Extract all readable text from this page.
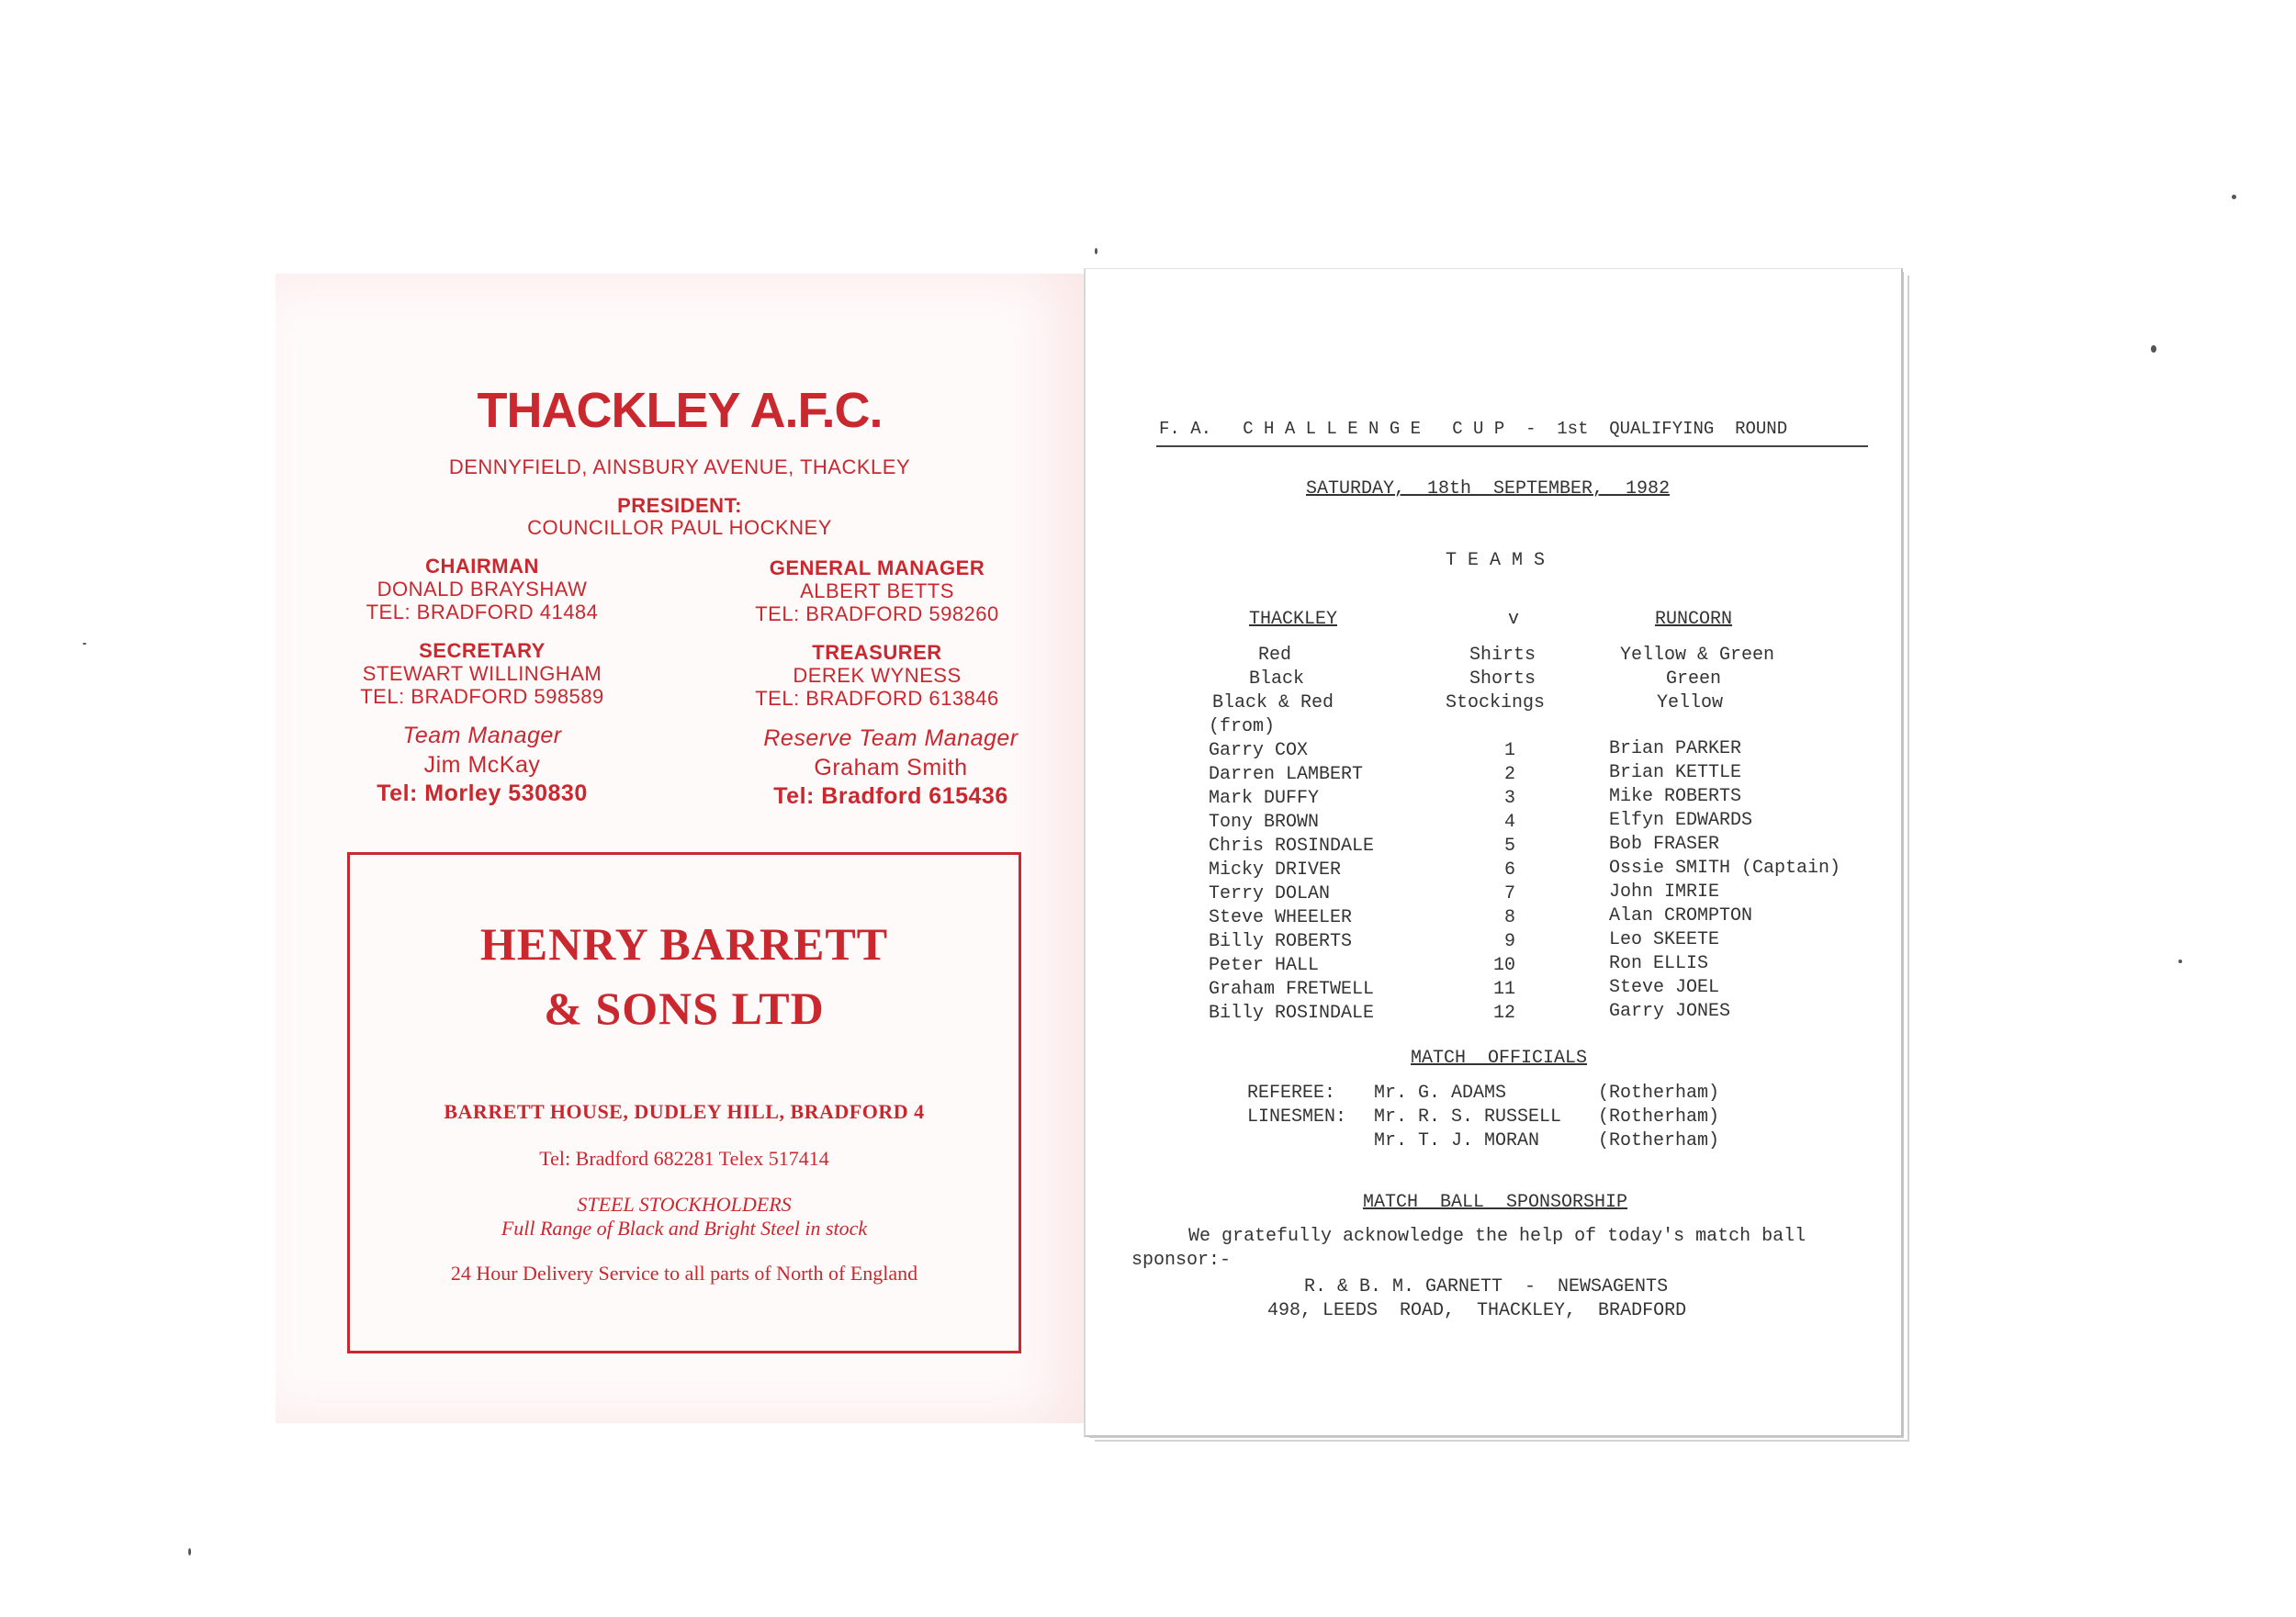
THACKLEY A.F.C.
DENNYFIELD, AINSBURY AVENUE, THACKLEY
PRESIDENT:
COUNCILLOR PAUL HOCKNEY
CHAIRMAN
DONALD BRAYSHAW
TEL: BRADFORD 41484
GENERAL MANAGER
ALBERT BETTS
TEL: BRADFORD 598260
SECRETARY
STEWART WILLINGHAM
TEL: BRADFORD 598589
TREASURER
DEREK WYNESS
TEL: BRADFORD 613846
Team Manager
Jim McKay
Tel: Morley 530830
Reserve Team Manager
Graham Smith
Tel: Bradford 615436
HENRY BARRETT
& SONS LTD
BARRETT HOUSE, DUDLEY HILL, BRADFORD 4
Tel: Bradford 682281 Telex 517414
STEEL STOCKHOLDERS
Full Range of Black and Bright Steel in stock
24 Hour Delivery Service to all parts of North of England
F. A.   C H A L L E N G E   C U P  -  1st  QUALIFYING  ROUND
SATURDAY,  18th  SEPTEMBER,  1982
T E A M S
THACKLEY	v	RUNCORN
Red	Shirts	Yellow & Green
Black	Shorts	Green
Black & Red	Stockings	Yellow
(from)
Garry COX	1	Brian PARKER
Darren LAMBERT	2	Brian KETTLE
Mark DUFFY	3	Mike ROBERTS
Tony BROWN	4	Elfyn EDWARDS
Chris ROSINDALE	5	Bob FRASER
Micky DRIVER	6	Ossie SMITH (Captain)
Terry DOLAN	7	John IMRIE
Steve WHEELER	8	Alan CROMPTON
Billy ROBERTS	9	Leo SKEETE
Peter HALL	10	Ron ELLIS
Graham FRETWELL	11	Steve JOEL
Billy ROSINDALE	12	Garry JONES
MATCH  OFFICIALS
REFEREE: Mr. G. ADAMS	(Rotherham)
LINESMEN: Mr. R. S. RUSSELL (Rotherham)
Mr. T. J. MORAN	(Rotherham)
MATCH  BALL  SPONSORSHIP
We gratefully acknowledge the help of today's match ball
sponsor:-
R. & B. M. GARNETT  -  NEWSAGENTS
498, LEEDS  ROAD,  THACKLEY,  BRADFORD
